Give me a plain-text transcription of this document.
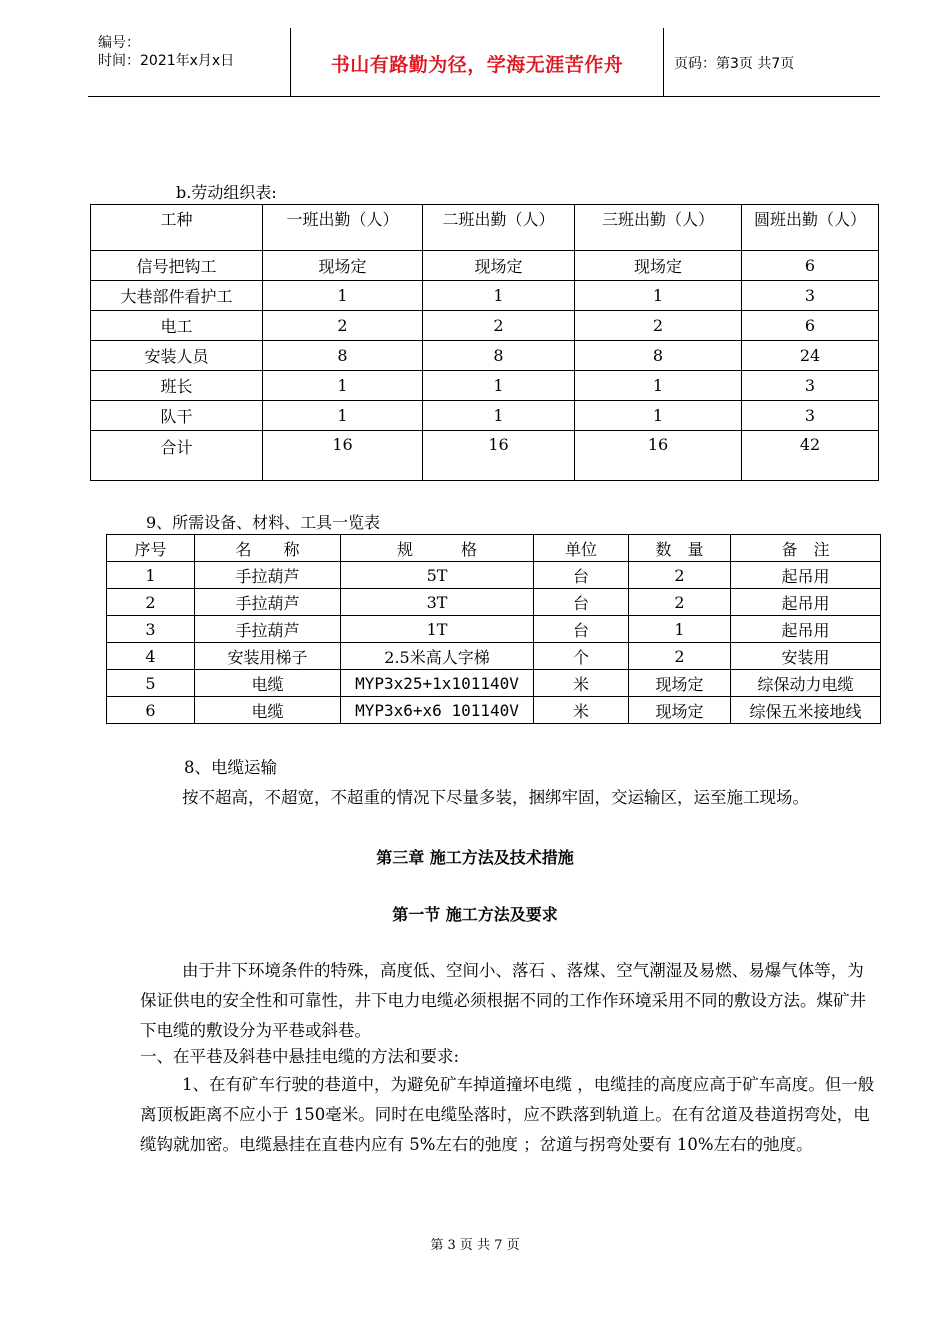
编号：
时间：2021年x月x日	书山有路勤为径，学海无涯苦作舟	页码：第3页 共7页
b.劳动组织表:
工种	一班出勤（人）	二班出勤（人）	三班出勤（人）	圆班出勤（人）

信号把钩工	现场定	现场定	现场定	6
大巷部件看护工	1	1	1	3
电工	2	2	2	6
安装人员	8	8	8	24
班长	1	1	1	3
队干	1	1	1	3
合计	16	16	16	42
9、所需设备、材料、工具一览表
序号	名　　称	规　　　格	单位	数　量	备　注
1	手拉葫芦	5T	台	2	起吊用
2	手拉葫芦	3T	台	2	起吊用
3	手拉葫芦	1T	台	1	起吊用
4	安装用梯子	2.5米高人字梯	个	2	安装用
5	电缆	MYP3x25+1x101140V	米	现场定	综保动力电缆
6	电缆	MYP3x6+x6 101140V	米	现场定	综保五米接地线
8、电缆运输
按不超高，不超宽，不超重的情况下尽量多装，捆绑牢固，交运输区，运至施工现场。
第三章 施工方法及技术措施
第一节 施工方法及要求
由于井下环境条件的特殊，高度低、空间小、落石 、落煤、空气潮湿及易燃、易爆气体等，为保证供电的安全性和可靠性，井下电力电缆必须根据不同的工作作环境采用不同的敷设方法。煤矿井下电缆的敷设分为平巷或斜巷。
一、在平巷及斜巷中悬挂电缆的方法和要求:
1、在有矿车行驶的巷道中，为避免矿车掉道撞坏电缆 ，电缆挂的高度应高于矿车高度。但一般离顶板距离不应小于 150毫米。同时在电缆坠落时，应不跌落到轨道上。在有岔道及巷道拐弯处，电缆钩就加密。电缆悬挂在直巷内应有 5%左右的弛度 ；岔道与拐弯处要有 10%左右的弛度。
第 3 页 共 7 页
